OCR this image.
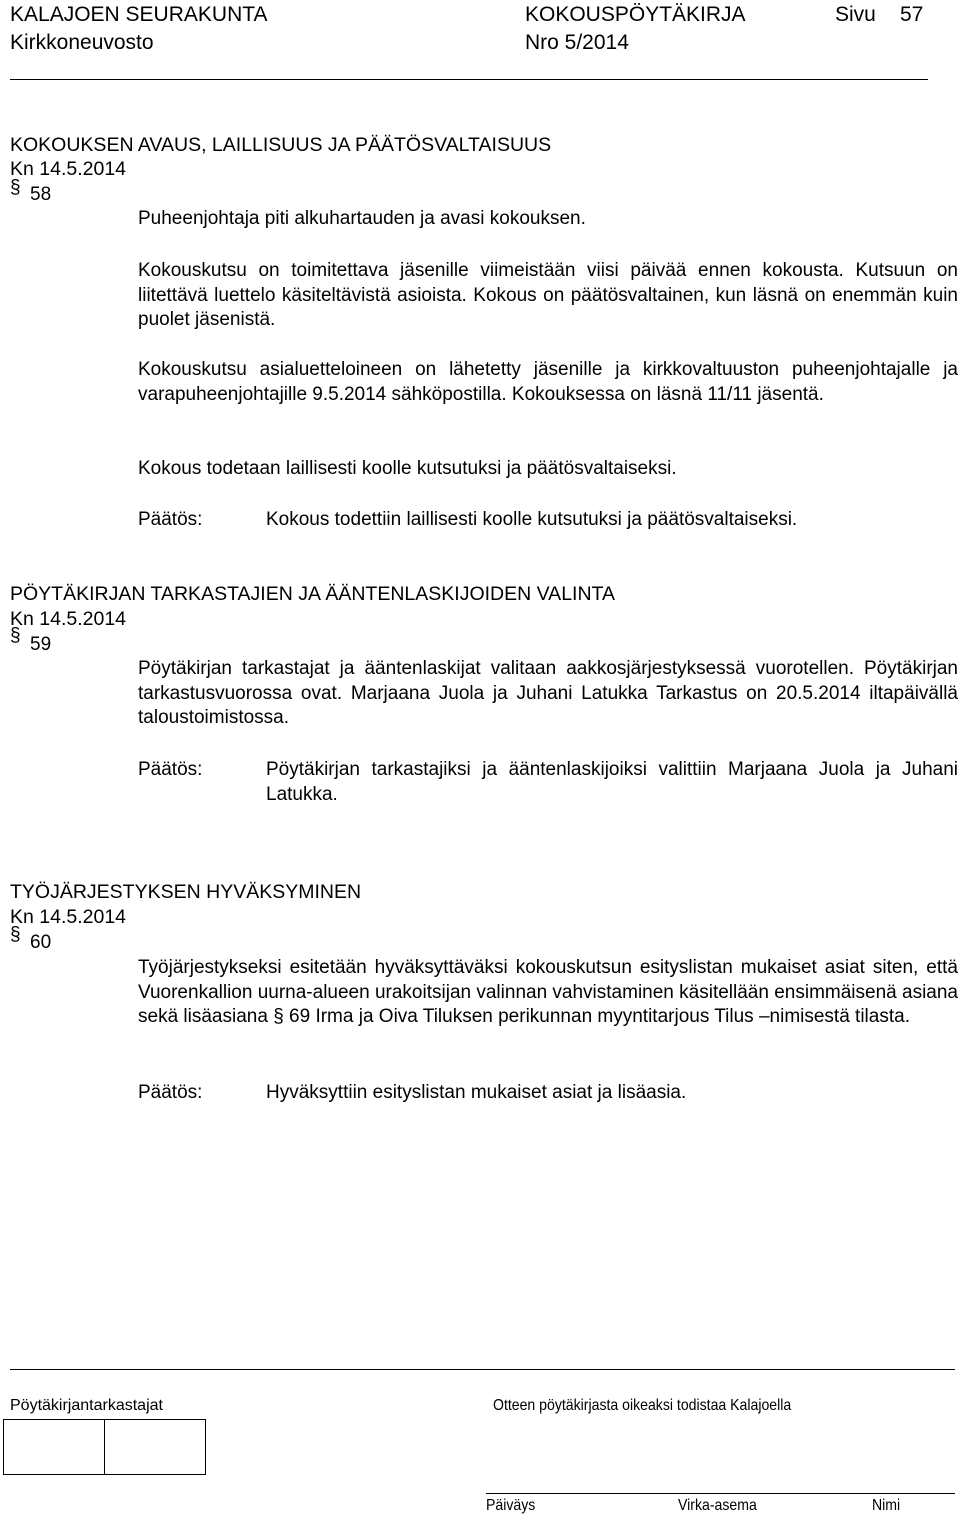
KALAJOEN SEURAKUNTA	KOKOUSPÖYTÄKIRJA	Sivu 57
Kirkkoneuvosto	Nro 5/2014
KOKOUKSEN AVAUS, LAILLISUUS JA PÄÄTÖSVALTAISUUS
Kn 14.5.2014
§ 58
Puheenjohtaja piti alkuhartauden ja avasi kokouksen.
Kokouskutsu on toimitettava jäsenille viimeistään viisi päivää ennen kokousta. Kutsuun on liitettävä luettelo käsiteltävistä asioista. Kokous on päätösvaltainen, kun läsnä on enemmän kuin puolet jäsenistä.
Kokouskutsu asialuetteloineen on lähetetty jäsenille ja kirkkovaltuuston puheenjohtajalle ja varapuheenjohtajille 9.5.2014 sähköpostilla. Kokouksessa on läsnä 11/11 jäsentä.
Kokous todetaan laillisesti koolle kutsutuksi ja päätösvaltaiseksi.
Päätös:	Kokous todettiin laillisesti koolle kutsutuksi ja päätösvaltaiseksi.
PÖYTÄKIRJAN TARKASTAJIEN JA ÄÄNTENLASKIJOIDEN VALINTA
Kn 14.5.2014
§ 59
Pöytäkirjan tarkastajat ja ääntenlaskijat valitaan aakkosjärjestyksessä vuorotellen. Pöytäkirjan tarkastusvuorossa ovat. Marjaana Juola ja Juhani Latukka Tarkastus on 20.5.2014 iltapäivällä taloustoimistossa.
Päätös:	Pöytäkirjan tarkastajiksi ja ääntenlaskijoiksi valittiin Marjaana Juola ja Juhani Latukka.
TYÖJÄRJESTYKSEN HYVÄKSYMINEN
Kn 14.5.2014
§ 60
Työjärjestykseksi esitetään hyväksyttäväksi kokouskutsun esityslistan mukaiset asiat siten, että Vuorenkallion uurna-alueen urakoitsijan valinnan vahvistaminen käsitellään ensimmäisenä asiana sekä lisäasiana § 69 Irma ja Oiva Tiluksen perikunnan myyntitarjous Tilus –nimisestä tilasta.
Päätös:	Hyväksyttiin esityslistan mukaiset asiat ja lisäasia.
Pöytäkirjantarkastajat	Otteen pöytäkirjasta oikeaksi todistaa Kalajoella
Päiväys	Virka-asema	Nimi
